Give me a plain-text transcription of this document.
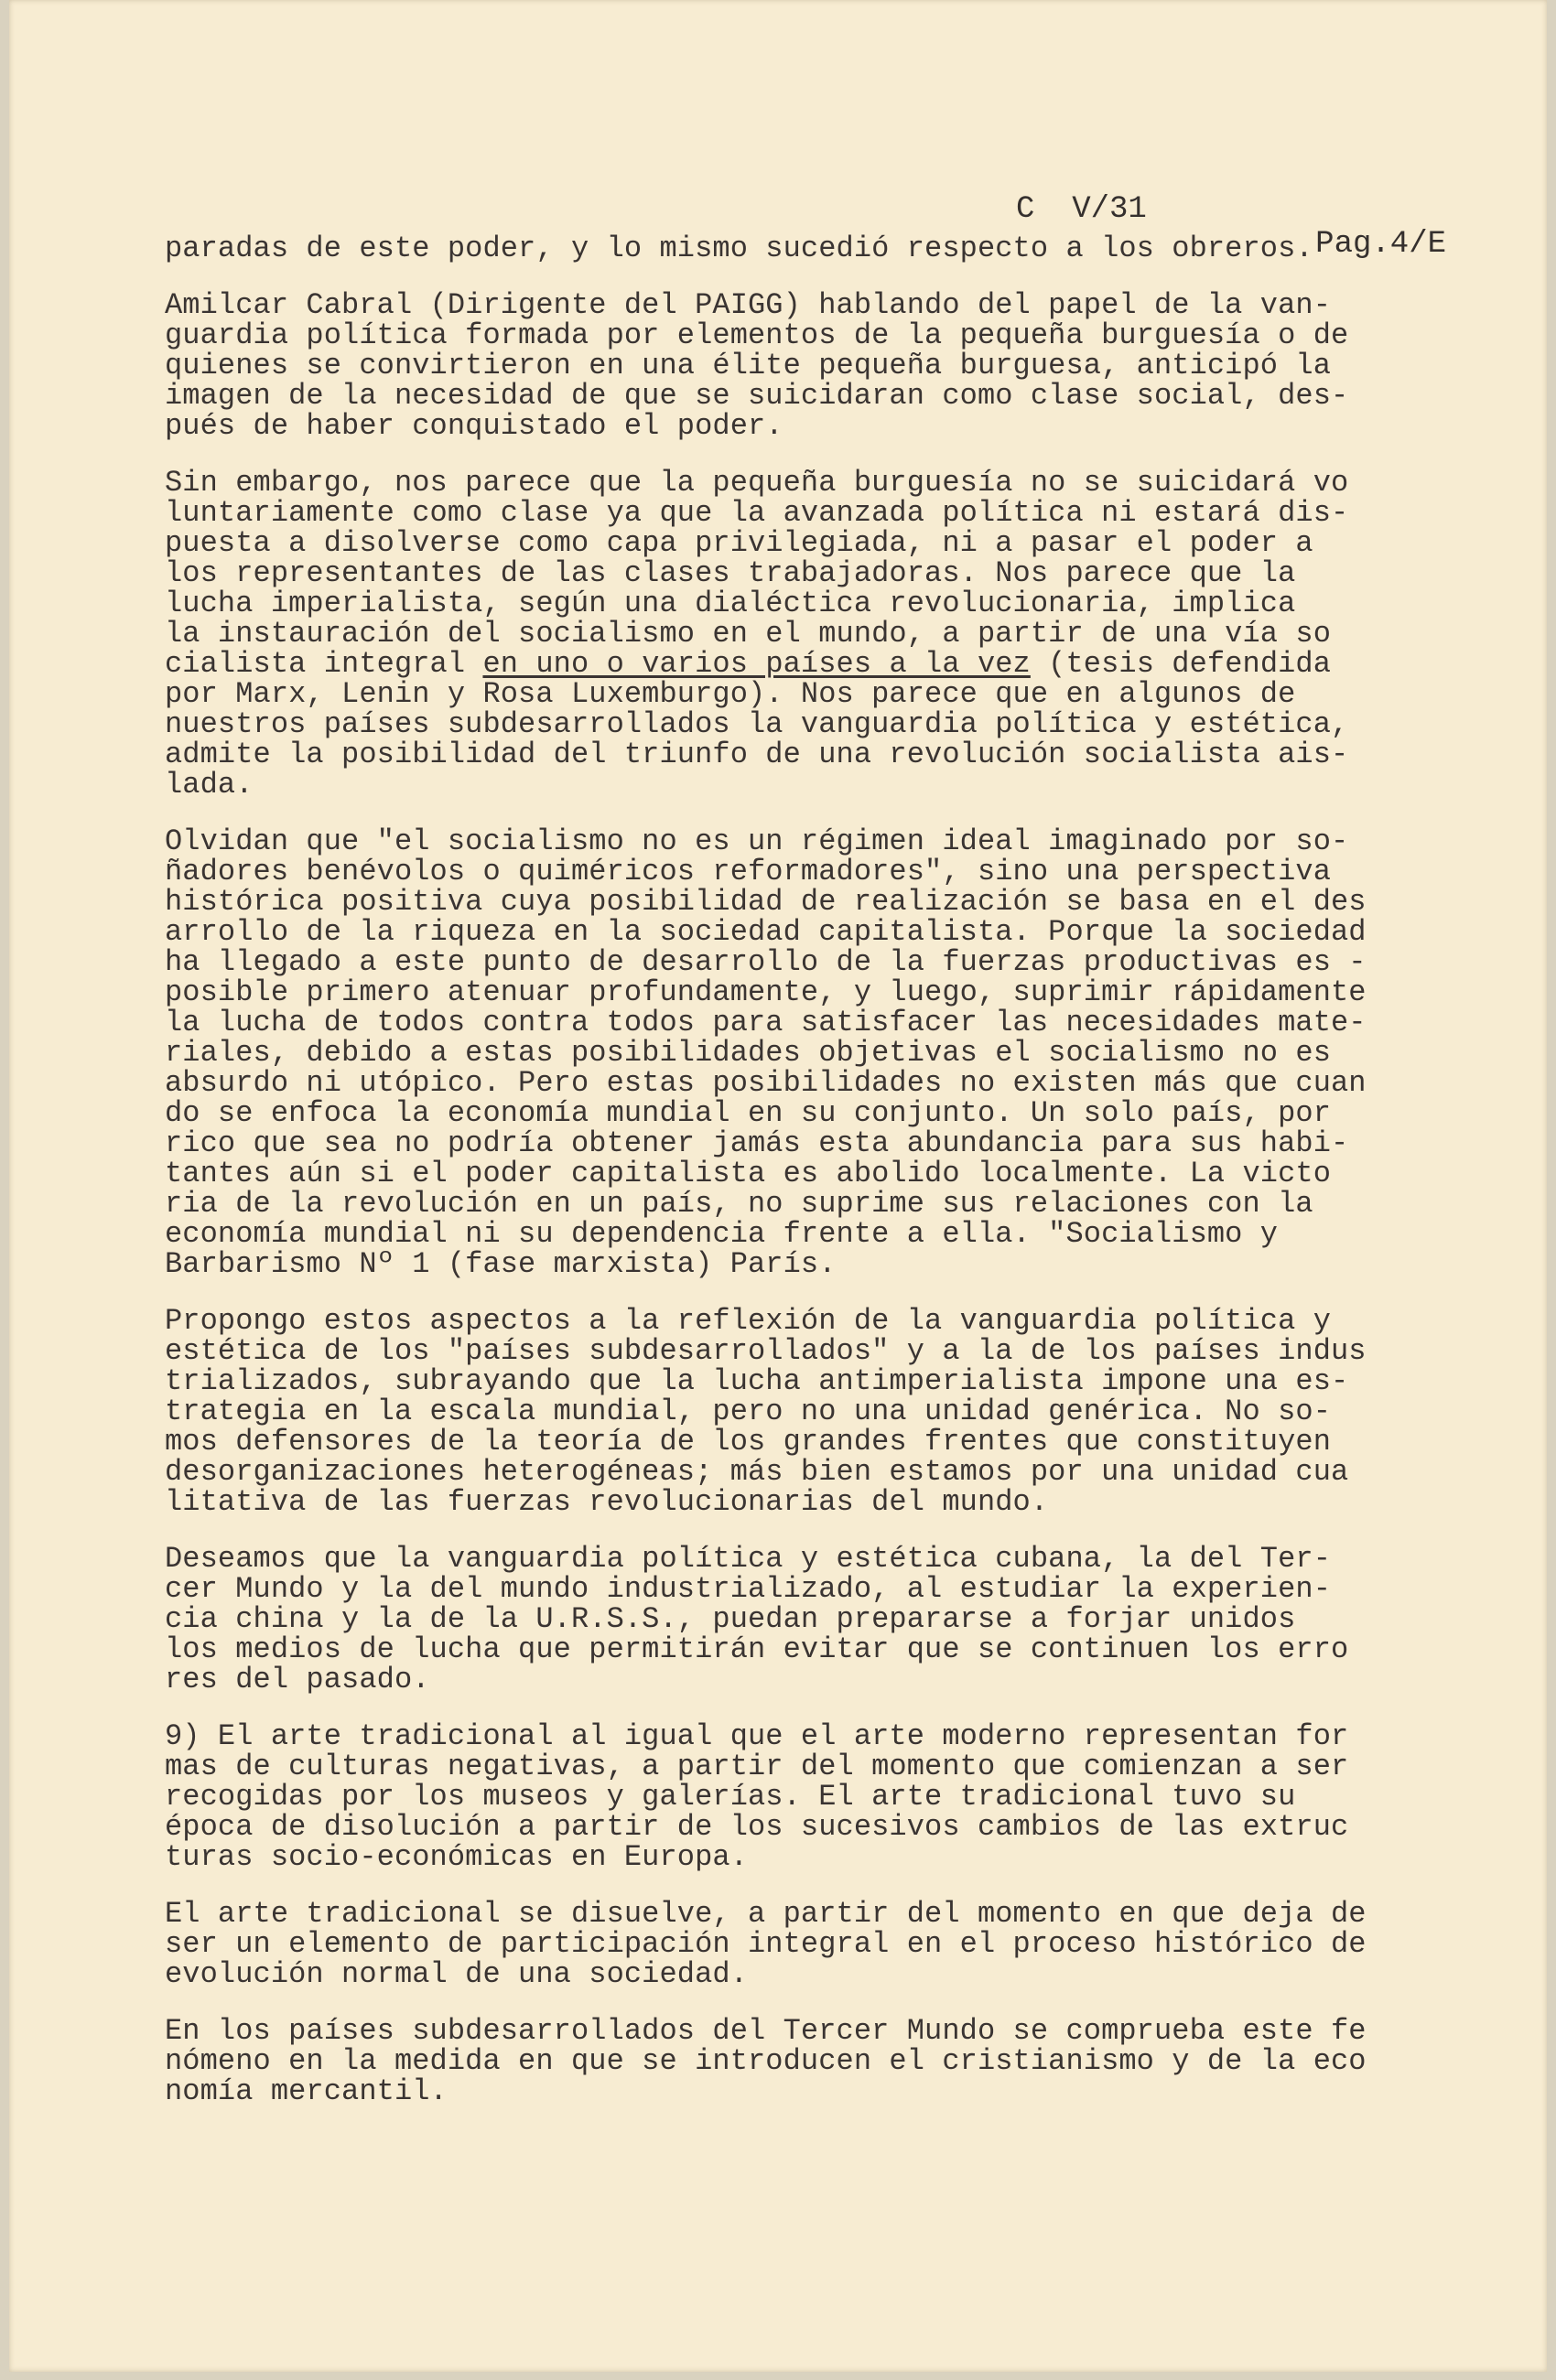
C  V/31

Pag.4/E

paradas de este poder, y lo mismo sucedió respecto a los obreros.
Amilcar Cabral (Dirigente del PAIGG) hablando del papel de la van-
guardia política formada por elementos de la pequeña burguesía o de
quienes se convirtieron en una élite pequeña burguesa, anticipó la
imagen de la necesidad de que se suicidaran como clase social, des-
pués de haber conquistado el poder.
Sin embargo, nos parece que la pequeña burguesía no se suicidará vo
luntariamente como clase ya que la avanzada política ni estará dis-
puesta a disolverse como capa privilegiada, ni a pasar el poder a
los representantes de las clases trabajadoras. Nos parece que la
lucha imperialista, según una dialéctica revolucionaria, implica
la instauración del socialismo en el mundo, a partir de una vía so
cialista integral en uno o varios países a la vez (tesis defendida
por Marx, Lenin y Rosa Luxemburgo). Nos parece que en algunos de
nuestros países subdesarrollados la vanguardia política y estética,
admite la posibilidad del triunfo de una revolución socialista ais-
lada.
Olvidan que "el socialismo no es un régimen ideal imaginado por so-
ñadores benévolos o quiméricos reformadores", sino una perspectiva
histórica positiva cuya posibilidad de realización se basa en el des
arrollo de la riqueza en la sociedad capitalista. Porque la sociedad
ha llegado a este punto de desarrollo de la fuerzas productivas es -
posible primero atenuar profundamente, y luego, suprimir rápidamente
la lucha de todos contra todos para satisfacer las necesidades mate-
riales, debido a estas posibilidades objetivas el socialismo no es
absurdo ni utópico. Pero estas posibilidades no existen más que cuan
do se enfoca la economía mundial en su conjunto. Un solo país, por
rico que sea no podría obtener jamás esta abundancia para sus habi-
tantes aún si el poder capitalista es abolido localmente. La victo
ria de la revolución en un país, no suprime sus relaciones con la
economía mundial ni su dependencia frente a ella. "Socialismo y
Barbarismo Nº 1 (fase marxista) París.
Propongo estos aspectos a la reflexión de la vanguardia política y
estética de los "países subdesarrollados" y a la de los países indus
trializados, subrayando que la lucha antimperialista impone una es-
trategia en la escala mundial, pero no una unidad genérica. No so-
mos defensores de la teoría de los grandes frentes que constituyen
desorganizaciones heterogéneas; más bien estamos por una unidad cua
litativa de las fuerzas revolucionarias del mundo.
Deseamos que la vanguardia política y estética cubana, la del Ter-
cer Mundo y la del mundo industrializado, al estudiar la experien-
cia china y la de la U.R.S.S., puedan prepararse a forjar unidos
los medios de lucha que permitirán evitar que se continuen los erro
res del pasado.
9) El arte tradicional al igual que el arte moderno representan for
mas de culturas negativas, a partir del momento que comienzan a ser
recogidas por los museos y galerías. El arte tradicional tuvo su
época de disolución a partir de los sucesivos cambios de las extruc
turas socio-económicas en Europa.
El arte tradicional se disuelve, a partir del momento en que deja de
ser un elemento de participación integral en el proceso histórico de
evolución normal de una sociedad.
En los países subdesarrollados del Tercer Mundo se comprueba este fe
nómeno en la medida en que se introducen el cristianismo y de la eco
nomía mercantil.
